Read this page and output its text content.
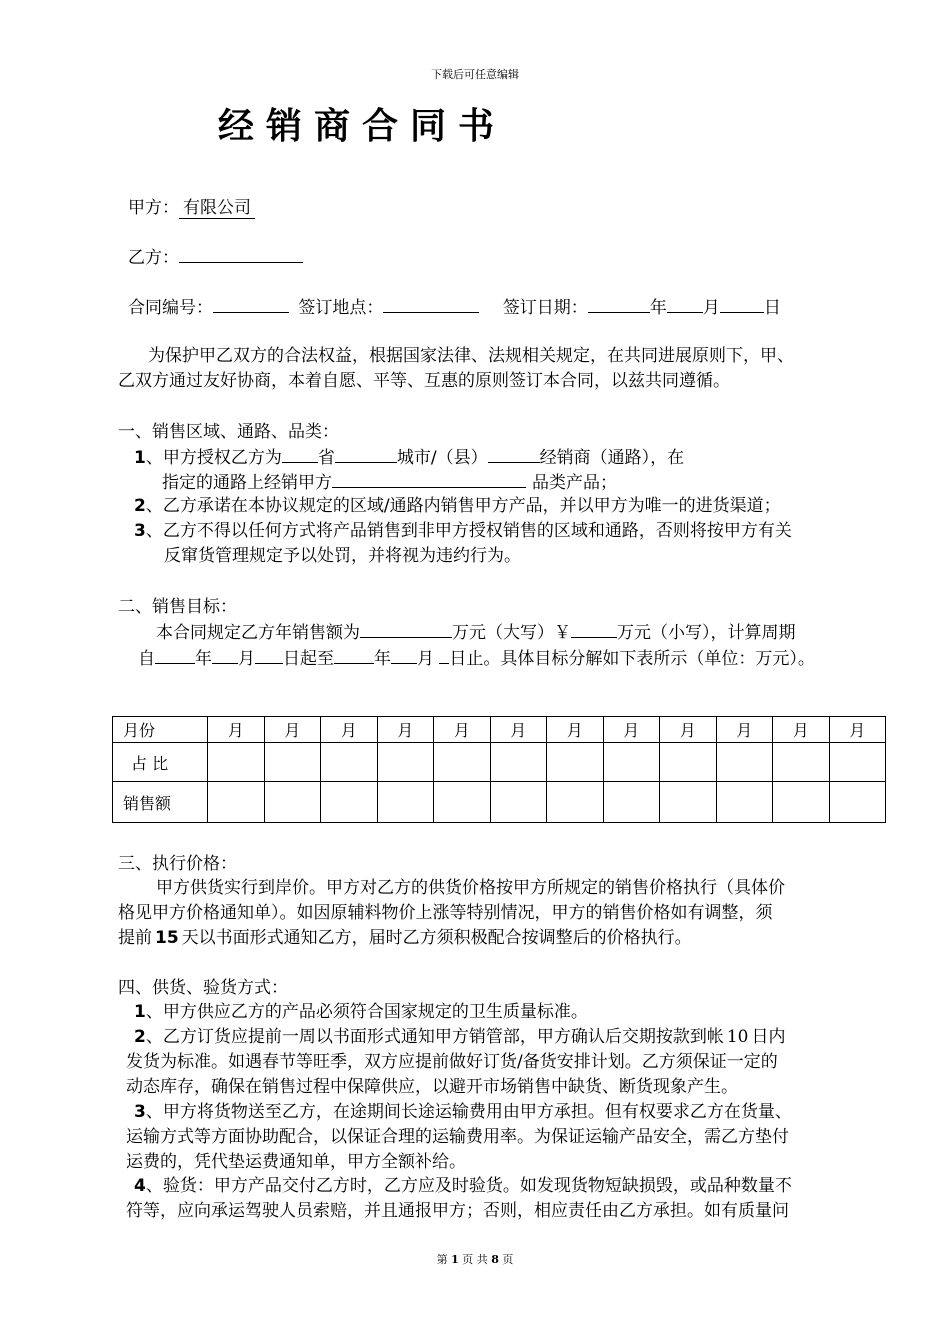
下载后可任意编辑
经销商合同书
甲方： 有限公司
乙方：
合同编号：	签订地点：	签订日期：	年 月	日
为保护甲乙双方的合法权益，根据国家法律、法规相关规定，在共同进展原则下，甲、
乙双方通过友好协商，本着自愿、平等、互惠的原则签订本合同，以兹共同遵循。
一、销售区域、通路、品类：
1、甲方授权乙方为 省	城市/（县）	经销商（通路），在
指定的通路上经销甲方	品类产品；
2、乙方承诺在本协议规定的区域/通路内销售甲方产品，并以甲方为唯一的进货渠道；
3、乙方不得以任何方式将产品销售到非甲方授权销售的区域和通路，否则将按甲方有关
反窜货管理规定予以处罚，并将视为违约行为。
二、销售目标：
本合同规定乙方年销售额为	万元（大写）￥	万元（小写），计算周期
自 年 月 日起至 年 月 日止。具体目标分解如下表所示（单位：万元）。
月份	月	月	月	月	月	月	月	月	月	月	月	月
占 比												
销售额												
三、执行价格：
甲方供货实行到岸价。甲方对乙方的供货价格按甲方所规定的销售价格执行（具体价
格见甲方价格通知单）。如因原辅料物价上涨等特别情况，甲方的销售价格如有调整，须
提前 15 天以书面形式通知乙方，届时乙方须积极配合按调整后的价格执行。
四、供货、验货方式：
1、甲方供应乙方的产品必须符合国家规定的卫生质量标准。
2、乙方订货应提前一周以书面形式通知甲方销管部，甲方确认后交期按款到帐 10 日内
发货为标准。如遇春节等旺季，双方应提前做好订货/备货安排计划。乙方须保证一定的
动态库存，确保在销售过程中保障供应，以避开市场销售中缺货、断货现象产生。
3、甲方将货物送至乙方，在途期间长途运输费用由甲方承担。但有权要求乙方在货量、
运输方式等方面协助配合，以保证合理的运输费用率。为保证运输产品安全，需乙方垫付
运费的，凭代垫运费通知单，甲方全额补给。
4、验货：甲方产品交付乙方时，乙方应及时验货。如发现货物短缺损毁，或品种数量不
符等，应向承运驾驶人员索赔，并且通报甲方；否则，相应责任由乙方承担。如有质量问
第 1 页 共 8 页
